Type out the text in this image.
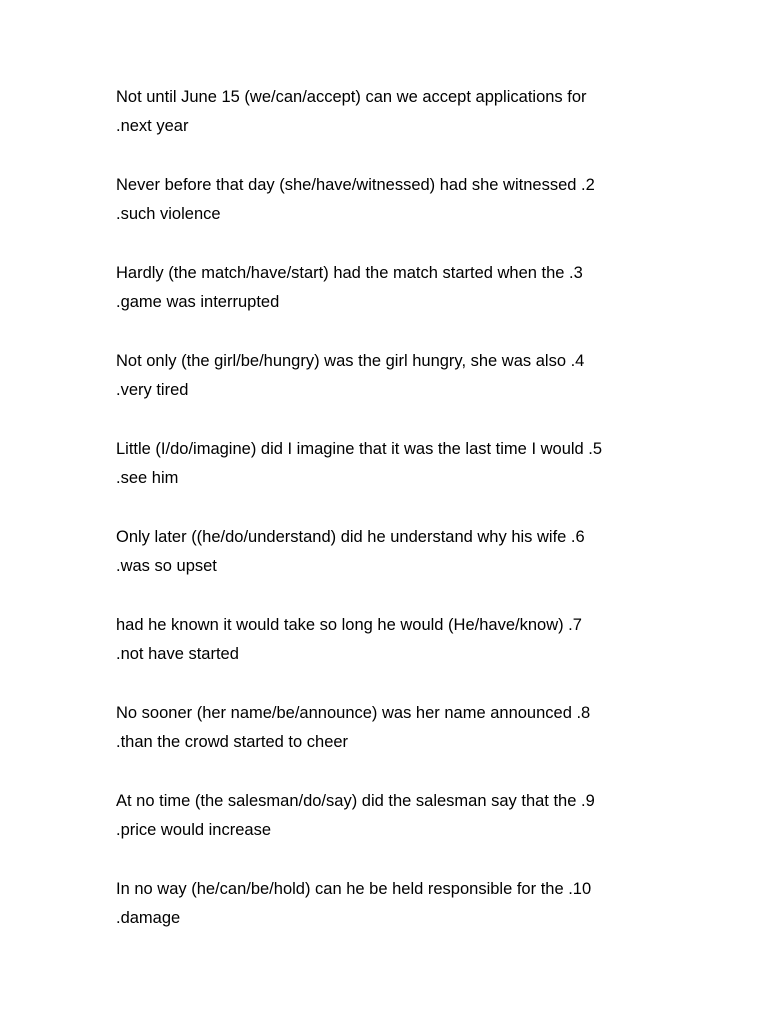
Not until June 15 (we/can/accept) can we accept applications for
.next year
Never before that day (she/have/witnessed) had she witnessed .2
.such violence
Hardly (the match/have/start) had the match started when the .3
.game was interrupted
Not only (the girl/be/hungry) was the girl hungry, she was also .4
.very tired
Little (I/do/imagine) did I imagine that it was the last time I would .5
.see him
Only later ((he/do/understand) did he understand why his wife .6
.was so upset
had he known it would take so long he would (He/have/know) .7
.not have started
No sooner (her name/be/announce) was her name announced .8
.than the crowd started to cheer
At no time (the salesman/do/say) did the salesman say that the .9
.price would increase
In no way (he/can/be/hold) can he be held responsible for the .10
.damage
